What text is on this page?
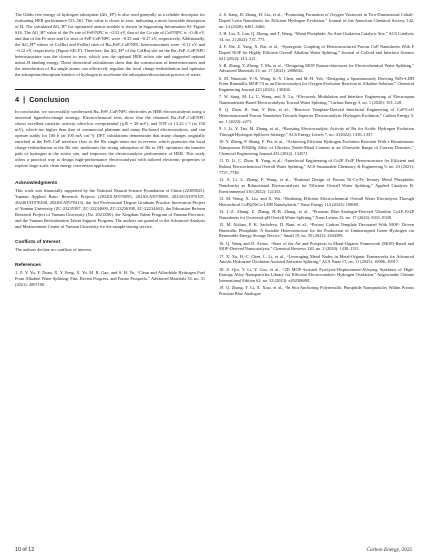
The Gibbs free energy of hydrogen adsorption (ΔG_H*) is also used generally as a reliable descriptor for evaluating HER performance [53–56]. This value is closer to zero, indicating a more favorable desorption of H. The calculated ΔG_H* for optimized atomic models is shown in Supporting Information SI: Figure S16. The ΔG_H* value of the Fe site of FeP/NPC is −0.52 eV, that of the Co site of CoP/NPC is −0.46 eV, and that of the Fe sites and Co sites of FeP-CoP/NPC were −0.35 and −0.27 eV, respectively. Additionally, the ΔG_H* values of Co(Ru) and Fe(Ru) sites of Ru–FeP–CoP/NPC heterostructures were −0.11 eV and −0.12 eV, respectively (Figure 6D–F). Therefore, the ΔG_H* of the Co(Ru) site on the Ru–FeP–CoP/NPC heterostructure was the closest to zero, which was the optimal HER active site and suggested optimal metal–H binding energy. These theoretical calculations show that the construction of heterostructures and the introduction of Ru single atoms can effectively regulate the local charge redistribution and optimize the adsorption/desorption kinetics of hydrogen to accelerate the adsorption/dissociation process of water.

4 | Conclusion

In conclusion, we successfully synthesized Ru–FeP–CoP/NPC electrodes as HER electrocatalysts using a universal ligand-exchange strategy. Electrochemical tests show that the obtained Ru–FeP–CoP/NPC shows excellent catalytic activity, ultra-low overpotential (η10 = 28 mV), and TOF of 13.22 s⁻¹ (at 150 mV), which are higher than that of commercial platinum and many Ru-based electrocatalysts, and can operate stably for 100 h (at 100 mA cm⁻²). DFT calculations demonstrate that many charges originally enriched at the FeP–CoP interface flow to the Ru single-atom site in reverse, which promotes the local charge redistribution at the Ru site, moderates the strong adsorption of Ru to OH, optimizes the transfer path of hydrogen at the active site, and improves the electrocatalytic performance of HER. This study offers a practical way to design high-performance electrocatalysts with tailored electronic properties to explore large-scale clean energy conversion applications.

Acknowledgments

This work was financially supported by the National Natural Science Foundation of China (22369025), Yunnan Applied Basic Research Projects (202201AT070095, 202301AT070098, 202301AT070107, 202401AT070438, 202401AT070413), the 3rd Professional Degree Graduate Practice Innovation Project of Yunnan University (ZC-23235397, ZC-23234609, ZC-23236398, ZC-22234463), the Education Reform Research Project of Yunnan University (No. 2021Z06), the Xingdian Talent Program of Yunnan Province, and the Yunnan Revitalization Talent Support Program. The authors are grateful to the Advanced Analysis and Measurement Center of Yunnan University for the sample testing service.

Conflicts of Interest

The authors declare no conflicts of interest.

References

1. Z. Y. Yu, Y. Duan, X. Y. Feng, X. Yu, M. R. Gao, and S. H. Yu, “Clean and Affordable Hydrogen Fuel From Alkaline Water Splitting: Past, Recent Progress, and Future Prospects,” Advanced Materials 33, no. 31 (2021): 2007100.

2. S. Jiang, R. Zhang, H. Liu, et al., “Promoting Formation of Oxygen Vacancies in Two-Dimensional Cobalt-Doped Ceria Nanosheets for Efficient Hydrogen Evolution,” Journal of the American Chemical Society 142, no. 14 (2020): 6461–6466.

3. H. Liu, X. Lan, Q. Zhong, and T. Wang, “Metal Phosphide: An Anti-Oxidation Catalytic Site,” ACS Catalysis 14, no. 2 (2024): 737–775.

4. F. Nie, Z. Yang, X. Dai, et al., “Synergistic Coupling of Heterostructured Porous CoP Nanosheets With F Doped Ni3P for Highly Efficient Overall Alkaline Water Splitting,” Journal of Colloid and Interface Science 621 (2022): 213–221.

5. B. Zhang, Y. Zheng, T. Ma, et al., “Designing MOF Nanoarchitectures for Electrochemical Water Splitting,” Advanced Materials 33, no. 17 (2021): 2006042.

6. M. Ninawati, Y.-X. Wang, K.-Y. Chen, and M.-H. Yeh, “Designing a Spontaneously Deriving NiFe-LDH From Bimetallic MOF-74 as an Electrocatalyst for Oxygen Evolution Reaction in Alkaline Solution,” Chemical Engineering Journal 423 (2021): 130204.

7. W. Song, M. Li, C. Wang, and X. Lu, “Electronic Modulation and Interface Engineering of Electrospun Nanomaterials-Based Electrocatalysts Toward Water Splitting,” Carbon Energy 3, no. 1 (2020): 101–128.

8. Q. Zhou, R. Sun, Y. Ren, et al., “Reactive Template-Derived Interfacial Engineering of CoP/CoO Heterostructured Porous Nanotubes Towards Superior Electrocatalytic Hydrogen Evolution,” Carbon Energy 5, no. 1 (2023): e273.

9. J. Li, Y. Tan, M. Zhang, et al., “Boosting Electrocatalytic Activity of Ru for Acidic Hydrogen Evolution Through Hydrogen Spillover Strategy,” ACS Energy Letters 7, no. 4 (2022): 1330–1337.

10. Y. Zheng, P. Shang, F. Pei, et al., “Achieving Efficient Hydrogen Evolution Reaction With a Bicontinuous Nanoporous PtNiMg Alloy of Ultralow Noble-Metal Content at an Ultrawide Range of Current Densities,” Chemical Engineering Journal 433 (2022): 134571.

11. D. Li, C. Zhou, R. Yang, et al., “Interfacial Engineering of Co2P–Fe2P Heterostructure for Efficient and Robust Electrochemical Overall Water Splitting,” ACS Sustainable Chemistry & Engineering 9, no. 23 (2021): 7737–7748.

12. A. Li, L. Zhang, F. Wang, et al., “Rational Design of Porous Ni-Co-Fe Ternary Metal Phosphides Nanobricks as Bifunctional Electrocatalysts for Efficient Overall Water Splitting,” Applied Catalysis B: Environmental 310 (2022): 121353.

13. M. Wang, X. Liu, and X. Wu, “Realizing Efficient Electrochemical Overall Water Electrolysis Through Hierarchical CoP@NiCo-LDH Nanohybrids,” Nano Energy 114 (2023): 108681.

14. J.-Z. Zhang, Z. Zhang, H.-B. Zhang, et al., “Prussian Blue-Analogue-Derived Ultrathin Co2P–Fe2P Nanosheets for Universal-pH Overall Water Splitting,” Nano Letters 23, no. 17 (2023): 8331–8338.

15. M. Afshan, P. K. Sachdeva, D. Rani, et al., “Porous Carbon Template Decorated With MOF- Driven Bimetallic Phosphide: A Suitable Heterostructure for the Production of Uninterrupted Green Hydrogen via Renewable Energy Storage Device,” Small 19, no. 50 (2023): 2304399.

16. Q. Wang and D. Astruc, “State of the Art and Prospects in Metal-Organic Framework (MOF)-Based and MOF-Derived Nanocatalysis,” Chemical Reviews 120, no. 2 (2020): 1438–1511.

17. X. Xu, H.-C. Chen, L. Li, et al., “Leveraging Metal Nodes in Metal-Organic Frameworks for Advanced Anodic Hydrazine Oxidation Assisted Seawater Splitting,” ACS Nano 17, no. 11 (2023): 10906–10917.

18. Z. Qiu, Y. Li, Y. Gao, et al., “2D MOF-Assisted Pyrolysis-Displacement-Alloying Synthesis of High-Entropy Alloy Nanoparticles Library for Efficient Electrocatalytic Hydrogen Oxidation,” Angewandte Chemie International Edition 62, no. 33 (2023): e202306881.

19. Q. Zhang, Y. Li, X. Xiao, et al., “In Situ Anchoring Polymetallic Phosphide Nanoparticles Within Porous Prussian Blue Analogue

10 of 12	Carbon Energy, 2025
